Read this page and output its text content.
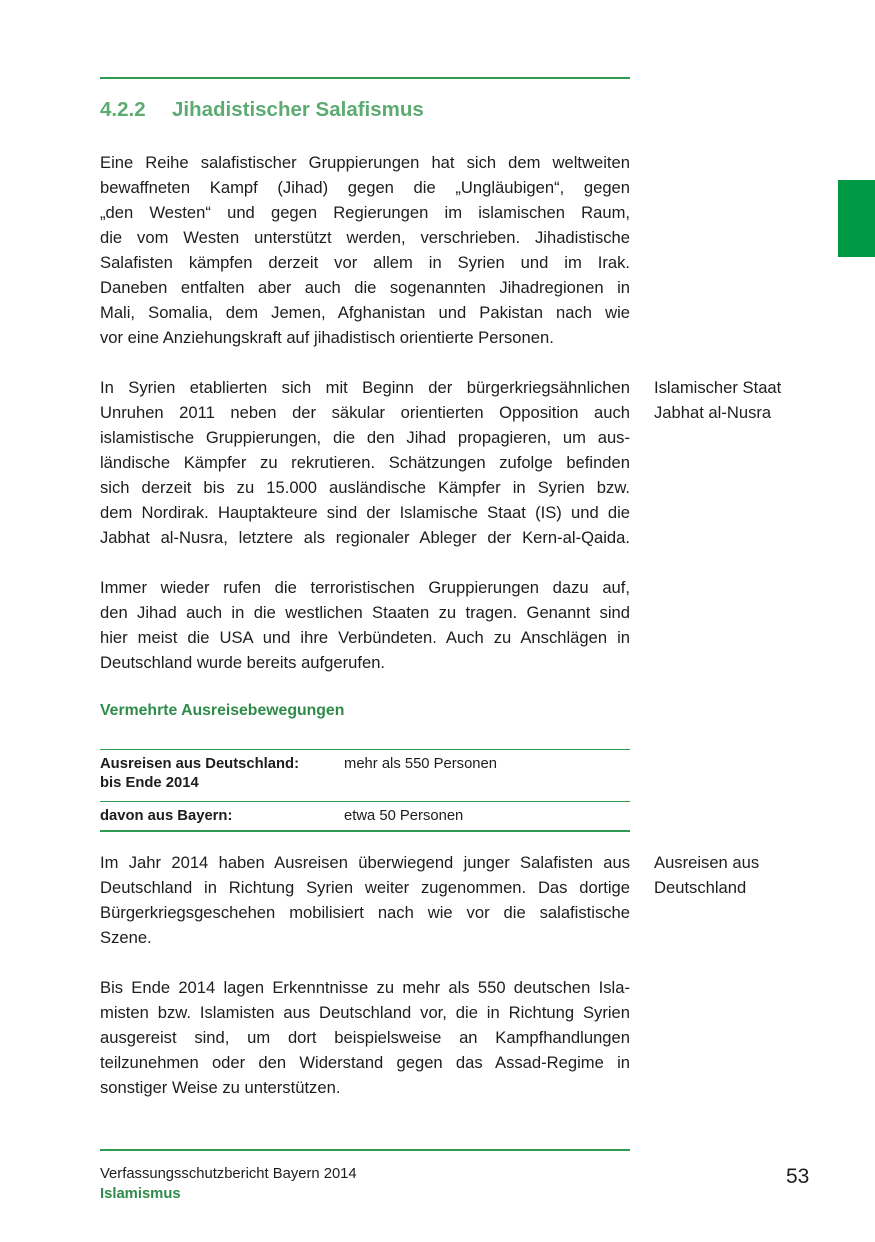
4.2.2 Jihadistischer Salafismus

Eine Reihe salafistischer Gruppierungen hat sich dem weltweiten
bewaffneten Kampf (Jihad) gegen die „Ungläubigen“, gegen
„den Westen“ und gegen Regierungen im islamischen Raum,
die vom Westen unterstützt werden, verschrieben. Jihadistische
Salafisten kämpfen derzeit vor allem in Syrien und im Irak.
Daneben entfalten aber auch die sogenannten Jihadregionen in
Mali, Somalia, dem Jemen, Afghanistan und Pakistan nach wie
vor eine Anziehungskraft auf jihadistisch orientierte Personen.

In Syrien etablierten sich mit Beginn der bürgerkriegsähnlichen
Unruhen 2011 neben der säkular orientierten Opposition auch
islamistische Gruppierungen, die den Jihad propagieren, um aus-
ländische Kämpfer zu rekrutieren. Schätzungen zufolge befinden
sich derzeit bis zu 15.000 ausländische Kämpfer in Syrien bzw.
dem Nordirak. Hauptakteure sind der Islamische Staat (IS) und die
Jabhat al-Nusra, letztere als regionaler Ableger der Kern-al-Qaida.

Islamischer Staat
Jabhat al-Nusra

Immer wieder rufen die terroristischen Gruppierungen dazu auf,
den Jihad auch in die westlichen Staaten zu tragen. Genannt sind
hier meist die USA und ihre Verbündeten. Auch zu Anschlägen in
Deutschland wurde bereits aufgerufen.

Vermehrte Ausreisebewegungen
Ausreisen aus Deutschland:
bis Ende 2014
mehr als 550 Personen
davon aus Bayern:	etwa 50 Personen

Im Jahr 2014 haben Ausreisen überwiegend junger Salafisten aus
Deutschland in Richtung Syrien weiter zugenommen. Das dortige
Bürgerkriegsgeschehen mobilisiert nach wie vor die salafistische
Szene.

Ausreisen aus
Deutschland

Bis Ende 2014 lagen Erkenntnisse zu mehr als 550 deutschen Isla-
misten bzw. Islamisten aus Deutschland vor, die in Richtung Syrien
ausgereist sind, um dort beispielsweise an Kampfhandlungen
teilzunehmen oder den Widerstand gegen das Assad-Regime in
sonstiger Weise zu unterstützen.

Verfassungsschutzbericht Bayern 2014
Islamismus
53
